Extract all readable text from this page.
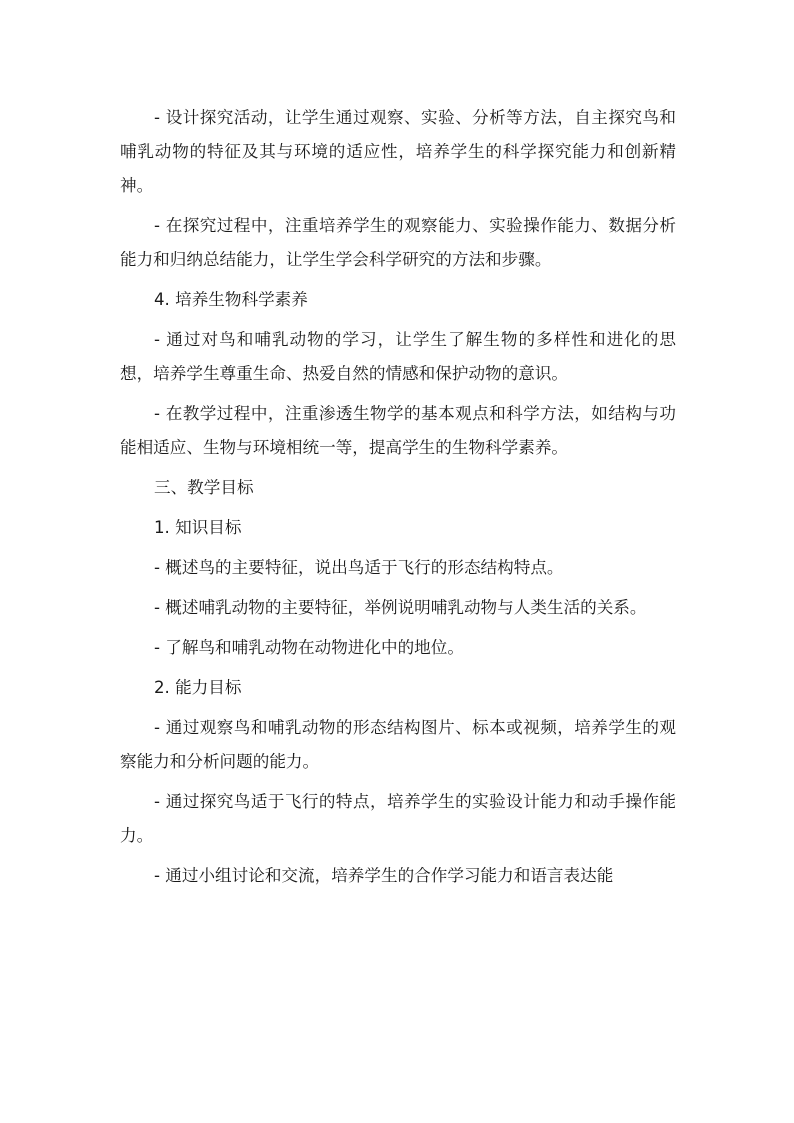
- 设计探究活动，让学生通过观察、实验、分析等方法，自主探究鸟和哺乳动物的特征及其与环境的适应性，培养学生的科学探究能力和创新精神。

- 在探究过程中，注重培养学生的观察能力、实验操作能力、数据分析能力和归纳总结能力，让学生学会科学研究的方法和步骤。

4. 培养生物科学素养

- 通过对鸟和哺乳动物的学习，让学生了解生物的多样性和进化的思想，培养学生尊重生命、热爱自然的情感和保护动物的意识。

- 在教学过程中，注重渗透生物学的基本观点和科学方法，如结构与功能相适应、生物与环境相统一等，提高学生的生物科学素养。

三、教学目标

1. 知识目标

- 概述鸟的主要特征，说出鸟适于飞行的形态结构特点。

- 概述哺乳动物的主要特征，举例说明哺乳动物与人类生活的关系。

- 了解鸟和哺乳动物在动物进化中的地位。

2. 能力目标

- 通过观察鸟和哺乳动物的形态结构图片、标本或视频，培养学生的观察能力和分析问题的能力。

- 通过探究鸟适于飞行的特点，培养学生的实验设计能力和动手操作能力。

- 通过小组讨论和交流，培养学生的合作学习能力和语言表达能
